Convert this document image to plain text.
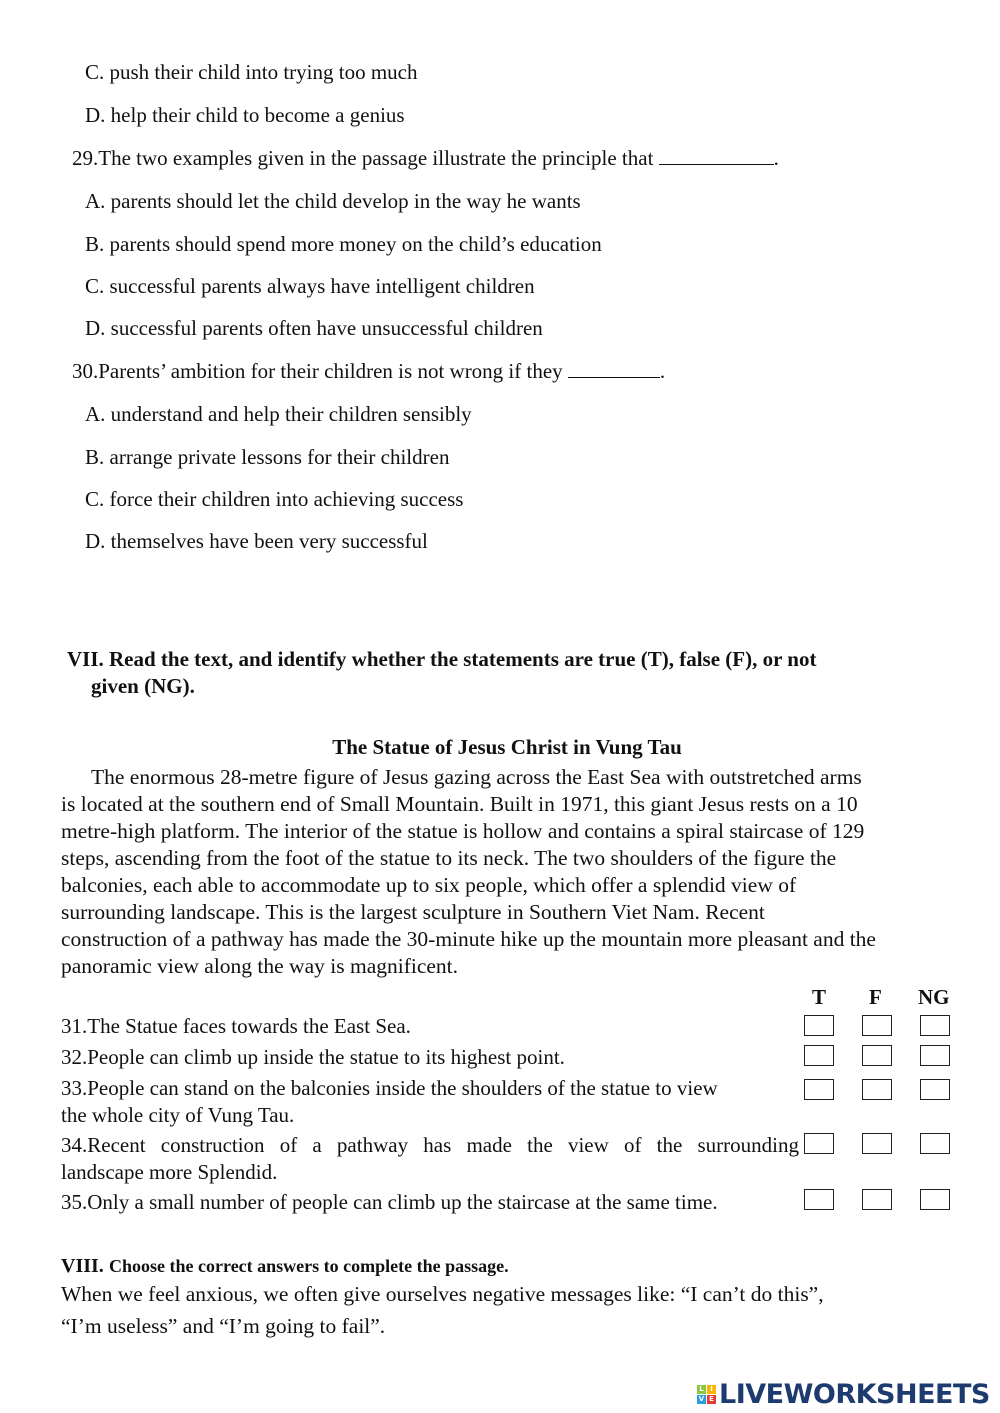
C. push their child into trying too much
D. help their child to become a genius
29.The two examples given in the passage illustrate the principle that	.
A. parents should let the child develop in the way he wants
B. parents should spend more money on the child’s education
C. successful parents always have intelligent children
D. successful parents often have unsuccessful children
30.Parents’ ambition for their children is not wrong if they	.
A. understand and help their children sensibly
B. arrange private lessons for their children
C. force their children into achieving success
D. themselves have been very successful
VII. Read the text, and identify whether the statements are true (T), false (F), or not
given (NG).
The Statue of Jesus Christ in Vung Tau
The enormous 28-metre figure of Jesus gazing across the East Sea with outstretched arms
is located at the southern end of Small Mountain. Built in 1971, this giant Jesus rests on a 10
metre-high platform. The interior of the statue is hollow and contains a spiral staircase of 129
steps, ascending from the foot of the statue to its neck. The two shoulders of the figure the
balconies, each able to accommodate up to six people, which offer a splendid view of
surrounding landscape. This is the largest sculpture in Southern Viet Nam. Recent
construction of a pathway has made the 30-minute hike up the mountain more pleasant and the
panoramic view along the way is magnificent.
T F NG
31.The Statue faces towards the East Sea.
32.People can climb up inside the statue to its highest point.
33.People can stand on the balconies inside the shoulders of the statue to view
the whole city of Vung Tau.
34.Recent construction of a pathway has made the view of the surrounding
landscape more Splendid.
35.Only a small number of people can climb up the staircase at the same time.
VIII. Choose the correct answers to complete the passage.
When we feel anxious, we often give ourselves negative messages like: “I can’t do this”,
“I’m useless” and “I’m going to fail”.
L I
V E LIVEWORKSHEETS
